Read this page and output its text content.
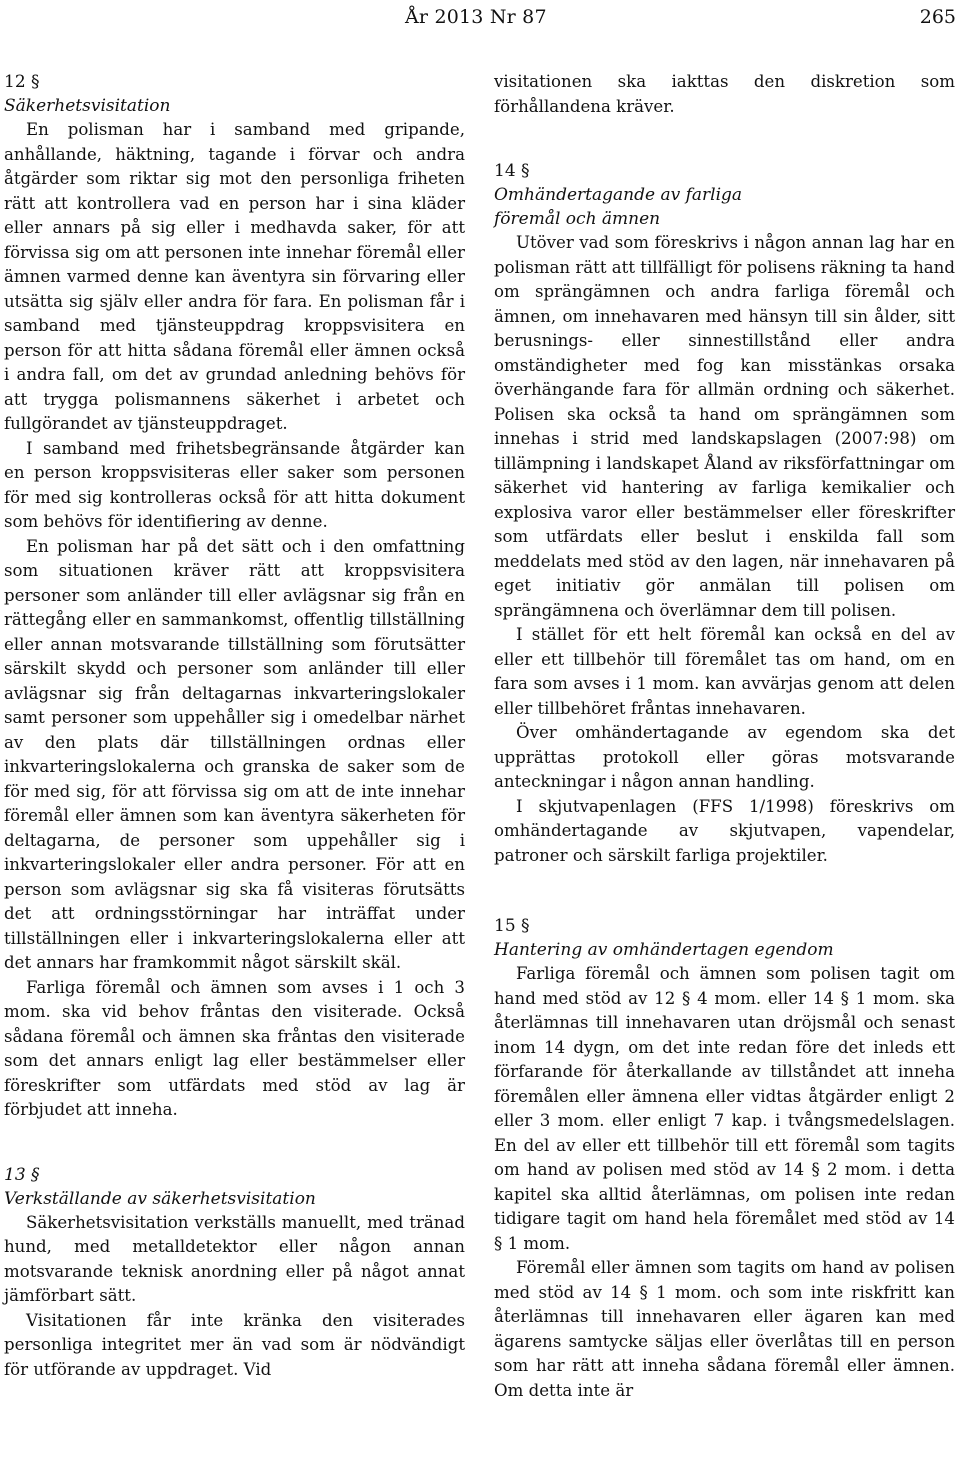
År 2013 Nr 87	265

12 §

Säkerhetsvisitation

En polisman har i samband med gripande, anhållande, häktning, tagande i förvar och andra åtgärder som riktar sig mot den personliga friheten rätt att kontrollera vad en person har i sina kläder eller annars på sig eller i medhavda saker, för att förvissa sig om att personen inte innehar föremål eller ämnen varmed denne kan äventyra sin förvaring eller utsätta sig själv eller andra för fara. En polisman får i samband med tjänsteuppdrag kroppsvisitera en person för att hitta sådana föremål eller ämnen också i andra fall, om det av grundad anledning behövs för att trygga polismannens säkerhet i arbetet och fullgörandet av tjänsteuppdraget.

I samband med frihetsbegränsande åtgärder kan en person kroppsvisiteras eller saker som personen för med sig kontrolleras också för att hitta dokument som behövs för identifiering av denne.

En polisman har på det sätt och i den omfattning som situationen kräver rätt att kroppsvisitera personer som anländer till eller avlägsnar sig från en rättegång eller en sammankomst, offentlig tillställning eller annan motsvarande tillställning som förutsätter särskilt skydd och personer som anländer till eller avlägsnar sig från deltagarnas inkvarteringslokaler samt personer som uppehåller sig i omedelbar närhet av den plats där tillställningen ordnas eller inkvarteringslokalerna och granska de saker som de för med sig, för att förvissa sig om att de inte innehar föremål eller ämnen som kan äventyra säkerheten för deltagarna, de personer som uppehåller sig i inkvarteringslokaler eller andra personer. För att en person som avlägsnar sig ska få visiteras förutsätts det att ordningsstörningar har inträffat under tillställningen eller i inkvarteringslokalerna eller att det annars har framkommit något särskilt skäl.

Farliga föremål och ämnen som avses i 1 och 3 mom. ska vid behov fråntas den visiterade. Också sådana föremål och ämnen ska fråntas den visiterade som det annars enligt lag eller bestämmelser eller föreskrifter som utfärdats med stöd av lag är förbjudet att inneha.

13 §

Verkställande av säkerhetsvisitation

Säkerhetsvisitation verkställs manuellt, med tränad hund, med metalldetektor eller någon annan motsvarande teknisk anordning eller på något annat jämförbart sätt.

Visitationen får inte kränka den visiterades personliga integritet mer än vad som är nödvändigt för utförande av uppdraget. Vid

visitationen ska iakttas den diskretion som förhållandena kräver.

14 §

Omhändertagande av farliga

föremål och ämnen

Utöver vad som föreskrivs i någon annan lag har en polisman rätt att tillfälligt för polisens räkning ta hand om sprängämnen och andra farliga föremål och ämnen, om innehavaren med hänsyn till sin ålder, sitt berusnings- eller sinnestillstånd eller andra omständigheter med fog kan misstänkas orsaka överhängande fara för allmän ordning och säkerhet. Polisen ska också ta hand om sprängämnen som innehas i strid med landskapslagen (2007:98) om tillämpning i landskapet Åland av riksförfattningar om säkerhet vid hantering av farliga kemikalier och explosiva varor eller bestämmelser eller föreskrifter som utfärdats eller beslut i enskilda fall som meddelats med stöd av den lagen, när innehavaren på eget initiativ gör anmälan till polisen om sprängämnena och överlämnar dem till polisen.

I stället för ett helt föremål kan också en del av eller ett tillbehör till föremålet tas om hand, om en fara som avses i 1 mom. kan avvärjas genom att delen eller tillbehöret fråntas innehavaren.

Över omhändertagande av egendom ska det upprättas protokoll eller göras motsvarande anteckningar i någon annan handling.

I skjutvapenlagen (FFS 1/1998) föreskrivs om omhändertagande av skjutvapen, vapendelar, patroner och särskilt farliga projektiler.

15 §

Hantering av omhändertagen egendom

Farliga föremål och ämnen som polisen tagit om hand med stöd av 12 § 4 mom. eller 14 § 1 mom. ska återlämnas till innehavaren utan dröjsmål och senast inom 14 dygn, om det inte redan före det inleds ett förfarande för återkallande av tillståndet att inneha föremålen eller ämnena eller vidtas åtgärder enligt 2 eller 3 mom. eller enligt 7 kap. i tvångsmedelslagen. En del av eller ett tillbehör till ett föremål som tagits om hand av polisen med stöd av 14 § 2 mom. i detta kapitel ska alltid återlämnas, om polisen inte redan tidigare tagit om hand hela föremålet med stöd av 14 § 1 mom.

Föremål eller ämnen som tagits om hand av polisen med stöd av 14 § 1 mom. och som inte riskfritt kan återlämnas till innehavaren eller ägaren kan med ägarens samtycke säljas eller överlåtas till en person som har rätt att inneha sådana föremål eller ämnen. Om detta inte är
